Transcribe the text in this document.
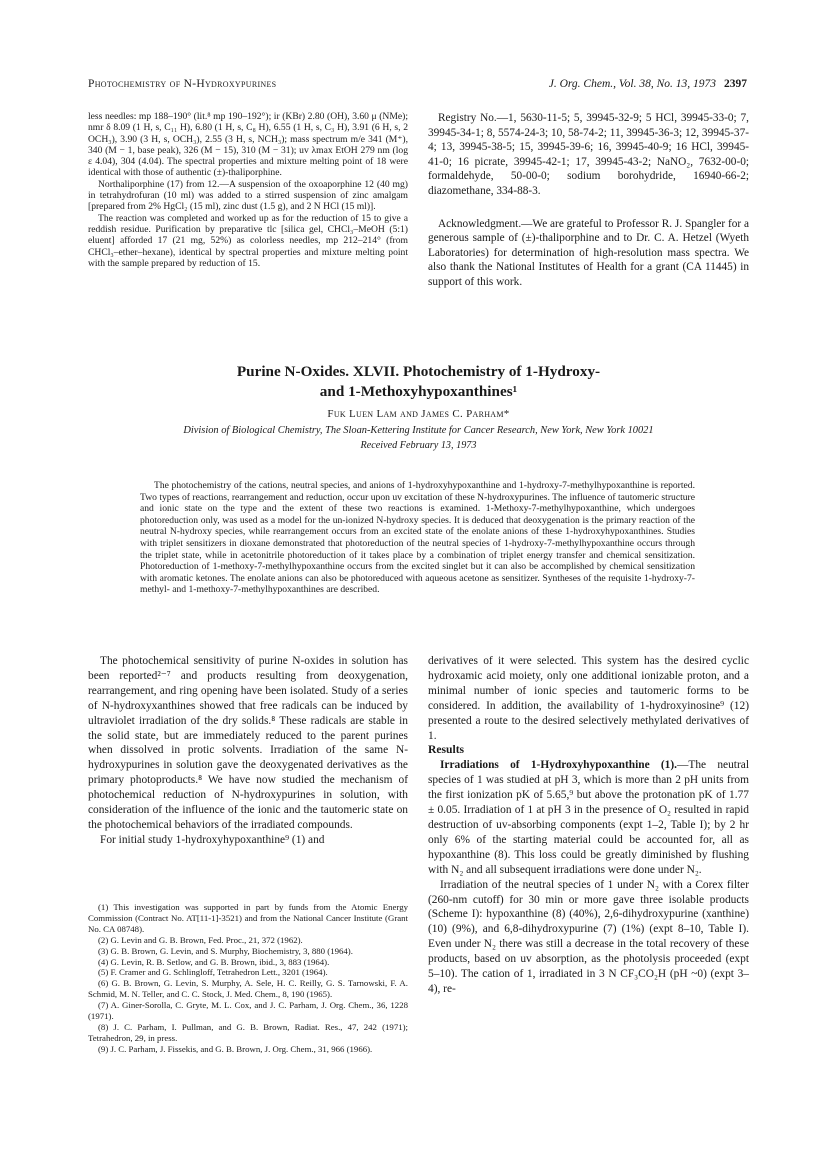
Photochemistry of N-Hydroxypurines	J. Org. Chem., Vol. 38, No. 13, 1973 2397

less needles: mp 188–190° (lit.⁸ mp 190–192°); ir (KBr) 2.80 (OH), 3.60 μ (NMe); nmr δ 8.09 (1 H, s, C₁₁ H), 6.80 (1 H, s, C₈ H), 6.55 (1 H, s, C₃ H), 3.91 (6 H, s, 2 OCH₃), 3.90 (3 H, s, OCH₃), 2.55 (3 H, s, NCH₃); mass spectrum m/e 341 (M⁺), 340 (M − 1, base peak), 326 (M − 15), 310 (M − 31); uv λmax EtOH 279 nm (log ε 4.04), 304 (4.04). The spectral properties and mixture melting point of 18 were identical with those of authentic (±)-thaliporphine.

Northaliporphine (17) from 12.—A suspension of the oxoaporphine 12 (40 mg) in tetrahydrofuran (10 ml) was added to a stirred suspension of zinc amalgam [prepared from 2% HgCl₂ (15 ml), zinc dust (1.5 g), and 2 N HCl (15 ml)].

The reaction was completed and worked up as for the reduction of 15 to give a reddish residue. Purification by preparative tlc [silica gel, CHCl₃–MeOH (5:1) eluent] afforded 17 (21 mg, 52%) as colorless needles, mp 212–214° (from CHCl₃–ether–hexane), identical by spectral properties and mixture melting point with the sample prepared by reduction of 15.

Registry No.—1, 5630-11-5; 5, 39945-32-9; 5 HCl, 39945-33-0; 7, 39945-34-1; 8, 5574-24-3; 10, 58-74-2; 11, 39945-36-3; 12, 39945-37-4; 13, 39945-38-5; 15, 39945-39-6; 16, 39945-40-9; 16 HCl, 39945-41-0; 16 picrate, 39945-42-1; 17, 39945-43-2; NaNO₂, 7632-00-0; formaldehyde, 50-00-0; sodium borohydride, 16940-66-2; diazomethane, 334-88-3.

Acknowledgment.—We are grateful to Professor R. J. Spangler for a generous sample of (±)-thaliporphine and to Dr. C. A. Hetzel (Wyeth Laboratories) for determination of high-resolution mass spectra. We also thank the National Institutes of Health for a grant (CA 11445) in support of this work.

Purine N-Oxides. XLVII. Photochemistry of 1-Hydroxy-
and 1-Methoxyhypoxanthines¹

Fuk Luen Lam and James C. Parham*
Division of Biological Chemistry, The Sloan-Kettering Institute for Cancer Research, New York, New York 10021
Received February 13, 1973

The photochemistry of the cations, neutral species, and anions of 1-hydroxyhypoxanthine and 1-hydroxy-7-methylhypoxanthine is reported. Two types of reactions, rearrangement and reduction, occur upon uv excitation of these N-hydroxypurines. The influence of tautomeric structure and ionic state on the type and the extent of these two reactions is examined. 1-Methoxy-7-methylhypoxanthine, which undergoes photoreduction only, was used as a model for the un-ionized N-hydroxy species. It is deduced that deoxygenation is the primary reaction of the neutral N-hydroxy species, while rearrangement occurs from an excited state of the enolate anions of these 1-hydroxyhypoxanthines. Studies with triplet sensitizers in dioxane demonstrated that photoreduction of the neutral species of 1-hydroxy-7-methylhypoxanthine occurs through the triplet state, while in acetonitrile photoreduction of it takes place by a combination of triplet energy transfer and chemical sensitization. Photoreduction of 1-methoxy-7-methylhypoxanthine occurs from the excited singlet but it can also be accomplished by chemical sensitization with aromatic ketones. The enolate anions can also be photoreduced with aqueous acetone as sensitizer. Syntheses of the requisite 1-hydroxy-7-methyl- and 1-methoxy-7-methylhypoxanthines are described.

The photochemical sensitivity of purine N-oxides in solution has been reported²⁻⁷ and products resulting from deoxygenation, rearrangement, and ring opening have been isolated. Study of a series of N-hydroxyxanthines showed that free radicals can be induced by ultraviolet irradiation of the dry solids.⁸ These radicals are stable in the solid state, but are immediately reduced to the parent purines when dissolved in protic solvents. Irradiation of the same N-hydroxypurines in solution gave the deoxygenated derivatives as the primary photoproducts.⁸ We have now studied the mechanism of photochemical reduction of N-hydroxypurines in solution, with consideration of the influence of the ionic and the tautomeric state on the photochemical behaviors of the irradiated compounds.

For initial study 1-hydroxyhypoxanthine⁹ (1) and

derivatives of it were selected. This system has the desired cyclic hydroxamic acid moiety, only one additional ionizable proton, and a minimal number of ionic species and tautomeric forms to be considered. In addition, the availability of 1-hydroxyinosine⁹ (12) presented a route to the desired selectively methylated derivatives of 1.

Results

Irradiations of 1-Hydroxyhypoxanthine (1).—The neutral species of 1 was studied at pH 3, which is more than 2 pH units from the first ionization pK of 5.65,⁹ but above the protonation pK of 1.77 ± 0.05. Irradiation of 1 at pH 3 in the presence of O₂ resulted in rapid destruction of uv-absorbing components (expt 1–2, Table I); by 2 hr only 6% of the starting material could be accounted for, all as hypoxanthine (8). This loss could be greatly diminished by flushing with N₂ and all subsequent irradiations were done under N₂.

Irradiation of the neutral species of 1 under N₂ with a Corex filter (260-nm cutoff) for 30 min or more gave three isolable products (Scheme I): hypoxanthine (8) (40%), 2,6-dihydroxypurine (xanthine) (10) (9%), and 6,8-dihydroxypurine (7) (1%) (expt 8–10, Table I). Even under N₂ there was still a decrease in the total recovery of these products, based on uv absorption, as the photolysis proceeded (expt 5–10). The cation of 1, irradiated in 3 N CF₃CO₂H (pH ~0) (expt 3–4), re-

(1) This investigation was supported in part by funds from the Atomic Energy Commission (Contract No. AT[11-1]-3521) and from the National Cancer Institute (Grant No. CA 08748).

(2) G. Levin and G. B. Brown, Fed. Proc., 21, 372 (1962).

(3) G. B. Brown, G. Levin, and S. Murphy, Biochemistry, 3, 880 (1964).

(4) G. Levin, R. B. Setlow, and G. B. Brown, ibid., 3, 883 (1964).

(5) F. Cramer and G. Schlingloff, Tetrahedron Lett., 3201 (1964).

(6) G. B. Brown, G. Levin, S. Murphy, A. Sele, H. C. Reilly, G. S. Tarnowski, F. A. Schmid, M. N. Teller, and C. C. Stock, J. Med. Chem., 8, 190 (1965).

(7) A. Giner-Sorolla, C. Gryte, M. L. Cox, and J. C. Parham, J. Org. Chem., 36, 1228 (1971).

(8) J. C. Parham, I. Pullman, and G. B. Brown, Radiat. Res., 47, 242 (1971); Tetrahedron, 29, in press.

(9) J. C. Parham, J. Fissekis, and G. B. Brown, J. Org. Chem., 31, 966 (1966).
